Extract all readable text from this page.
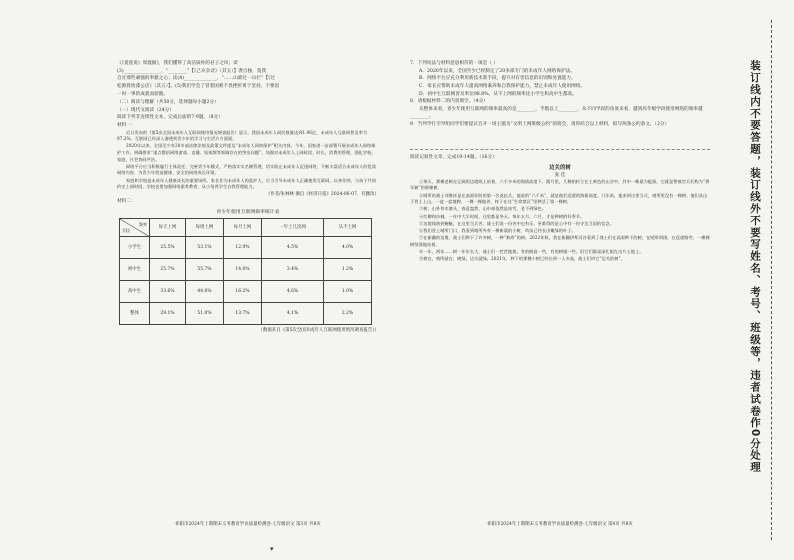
《《爱莲说》周敦颐》，我们懂得了高洁质朴的君子之风；读
(3)________________，“________”【《己亥杂诗》（其五）】袭自独，莫我
自甘那些顽强的奉献之心；读(4)______________，“……山欲过一山拦”【《过
松源晨炊漆公店》（其五）】。(5)我们学会了冒着困难不畏挫折勇于坚持，不要因
一时一事的成就而骄傲。
（二）阅读与理解（共50分，选择题每小题2分）
（一）现代文阅读（24分）
阅读下列非连续性文本，完成后面的7-9题。（8分）
材料一：
近日发布的《第5次全国未成年人互联网使用情况调查报告》显示，我国未成年人网民数量达到1.96亿，未成年人互联网普及率为97.2%。互联网已经深入渗透到青少年的学习与生活方方面面。
2020年以来，全国至少有20多部法律法规及政策文件提及“未成年人网络保护”相关内容。今年，国家进一步部署开展未成年人网络保护工作，明确要求“重点整治网络游戏、直播、短视频等领域存在的突出问题”，加强对未成年人上网时段、时长、消费的管理，强化学校、家庭、社会协同共治。
网络平台应当积极履行主体责任，完善青少年模式，严格落实实名制管理，切实防止未成年人沉迷网络，不断丰富适合未成年人的优质网络内容，为青少年营造健康、安全的网络成长环境。
家庭和学校是未成年人健康成长的重要场所。家长作为未成年人的监护人，应当引导未成年人正确使用互联网，以身作则，与孩子共同约定上网时间，学校也要加强网络素养教育，从小培养学生自我管理能力。
（作者/朱林林 摘自《经济日报》2024-06-07，有删改）
材料二：
青少年使用互联网频率统计表
频率
学段	每天上网	每周上网	每月上网	一年上几次网	从不上网
小学生	25.5%	53.1%	12.9%	4.5%	4.0%
初中生	25.7%	55.7%	14.0%	3.4%	1.2%
高中生	33.6%	44.6%	16.2%	4.6%	1.0%
整体	29.1%	51.0%	13.7%	4.1%	2.2%
（数据来自《第5次全国未成年人互联网使用情况调查报告》）
祁阳市2024年上期期末义务教育学业质量检测卷·七年级语文 第3页 共8页
7．下列说法与材料意思相符的一项是（ ）
A．2020年以来，全国至少已经制定了20多部专门的未成年人网络保护法。
B．网络平台应充分利用新技术新手段，提升对有害信息的识别和处置能力。
C．家长应帮助未成年人提高网络素养和自我保护能力，禁止未成年人使用网络。
D．初中生互联网普及率达98.8%，从不上网的频率比小学生和高中生都高。
8．请根据材料二的内容填空。（4分）
从整体来看，青少年使用互联网的频率最高的是________，半数以上________，从不同学段的角度来看，越到高年级学段使用网络的频率越________。
9．当列学打引导组同学们要提议召开一场主题为“文明上网班级公约”的班会，请你结合以上材料，拟写两条公约条文。（2分）
阅读记叙性文章，完成10-14题。（16分）
边关的树
张 佳
①那天，那棵老树在辽阔的边境线上站着，六千多米的海拔高度下，圆月里，几株柏杉立在土黄色的山谷中，其中一株最为挺拔，它就是曾被官兵们称为“将军树”的那棵树。
②哨所的战士刘聚祥是在高原驻防的第一名退伍兵，他说的“六千米”，就是他们巡逻的海拔高度。几年前，他来到这里当兵，哨所里没有一棵树。他们从山下背土上山，一盆一盆地种，一棵一棵地养，终于在这“生命禁区”里种活了第一棵树。
③树，山外草木寨头，春意盎然，山中却依然是冰雪，老不到绿色。
④红柳和沙棘，一年中大半时间，这里都是冬天。每年五月、六月，才是种树的好季节。
⑤边境线曲折蜿蜒，在这里当兵苦，战士们说一份苦中也有乐，更难得的是心中有一份守边卫国的信念。
⑥我们登上哨所门口，我看到哨所外有一棵新栽的小树，幼苗已经长出嫩绿的叶子。
⑦在新疆的边境，战士们种下了许多树，一种“救命”的树。2022年秋，我在新疆伊犁河谷看到了战士们在高原种下的树，在哨所周围，在巡逻路旁，一棵棵树坚强地站着。
⑧一年，两年……树一年年长大，战士们一茬茬地换。有的树高一些，有的树矮一些，但它们都深深扎根在这片土地上。
⑨树在，哨所就在；树绿，边关就绿。2021年，种下的那棵小树已经长到一人多高，战士们叫它“边关的树”。
祁阳市2024年上期期末义务教育学业质量检测卷·七年级语文 第4页 共8页
装订线内不要答题，装订线外不要写姓名、考号、班级等，违者试卷作0分处理
▾
